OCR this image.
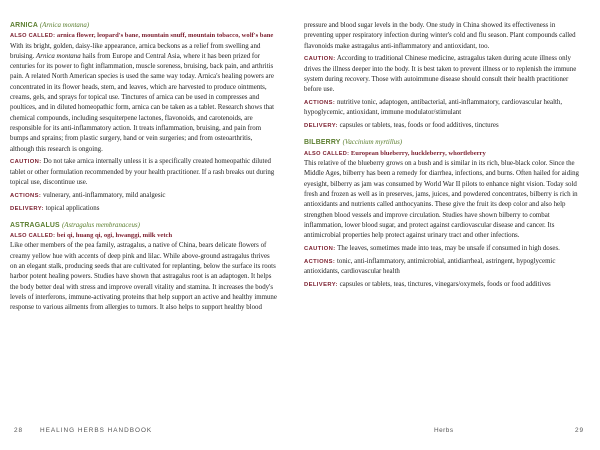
ARNICA (Arnica montana)

ALSO CALLED: arnica flower, leopard's bane, mountain snuff, mountain tobacco, wolf's bane

With its bright, golden, daisy-like appearance, arnica beckons as a relief from swelling and bruising. Arnica montana hails from Europe and Central Asia, where it has been prized for centuries for its power to fight inflammation, muscle soreness, bruising, back pain, and arthritis pain. A related North American species is used the same way today. Arnica's healing powers are concentrated in its flower heads, stem, and leaves, which are harvested to produce ointments, creams, gels, and sprays for topical use. Tinctures of arnica can be used in compresses and poultices, and in diluted homeopathic form, arnica can be taken as a tablet. Research shows that chemical compounds, including sesquiterpene lactones, flavonoids, and carotenoids, are responsible for its anti-inflammatory action. It treats inflammation, bruising, and pain from bumps and sprains; from plastic surgery, hand or vein surgeries; and from osteoarthritis, although this research is ongoing.

CAUTION: Do not take arnica internally unless it is a specifically created homeopathic diluted tablet or other formulation recommended by your health practitioner. If a rash breaks out during topical use, discontinue use.

ACTIONS: vulnerary, anti-inflammatory, mild analgesic

DELIVERY: topical applications

ASTRAGALUS (Astragalus membranaceus)

ALSO CALLED: bei qi, huang qi, ogi, hwanggi, milk vetch

Like other members of the pea family, astragalus, a native of China, bears delicate flowers of creamy yellow hue with accents of deep pink and lilac. While above-ground astragalus thrives on an elegant stalk, producing seeds that are cultivated for replanting, below the surface its roots harbor potent healing powers. Studies have shown that astragalus root is an adaptogen. It helps the body better deal with stress and improve overall vitality and stamina. It increases the body's levels of interferons, immune-activating proteins that help support an active and healthy immune response to various ailments from allergies to tumors. It also helps to support healthy blood

28	HEALING HERBS HANDBOOK

pressure and blood sugar levels in the body. One study in China showed its effectiveness in preventing upper respiratory infection during winter's cold and flu season. Plant compounds called flavonoids make astragalus anti-inflammatory and antioxidant, too.

CAUTION: According to traditional Chinese medicine, astragalus taken during acute illness only drives the illness deeper into the body. It is best taken to prevent illness or to replenish the immune system during recovery. Those with autoimmune disease should consult their health practitioner before use.

ACTIONS: nutritive tonic, adaptogen, antibacterial, anti-inflammatory, cardiovascular health, hypoglycemic, antioxidant, immune modulator/stimulant

DELIVERY: capsules or tablets, teas, foods or food additives, tinctures

BILBERRY (Vaccinium myrtillus)

ALSO CALLED: European blueberry, huckleberry, whortleberry

This relative of the blueberry grows on a bush and is similar in its rich, blue-black color. Since the Middle Ages, bilberry has been a remedy for diarrhea, infections, and burns. Often hailed for aiding eyesight, bilberry as jam was consumed by World War II pilots to enhance night vision. Today sold fresh and frozen as well as in preserves, jams, juices, and powdered concentrates, bilberry is rich in antioxidants and nutrients called anthocyanins. These give the fruit its deep color and also help strengthen blood vessels and improve circulation. Studies have shown bilberry to combat inflammation, lower blood sugar, and protect against cardiovascular disease and cancer. Its antimicrobial properties help protect against urinary tract and other infections.

CAUTION: The leaves, sometimes made into teas, may be unsafe if consumed in high doses.

ACTIONS: tonic, anti-inflammatory, antimicrobial, antidiarrheal, astringent, hypoglycemic antioxidants, cardiovascular health

DELIVERY: capsules or tablets, teas, tinctures, vinegars/oxymels, foods or food additives

Herbs	29
